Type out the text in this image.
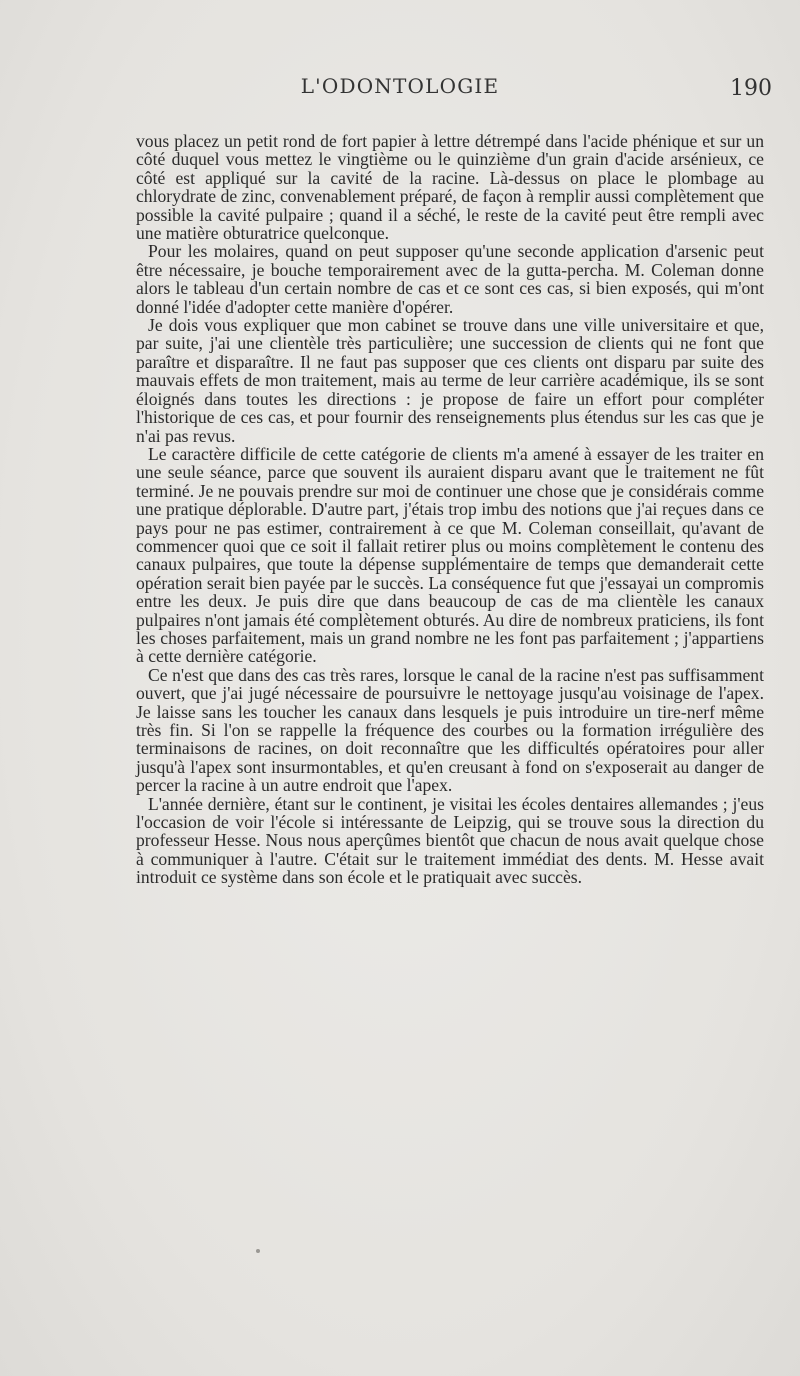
L'ODONTOLOGIE	190

vous placez un petit rond de fort papier à lettre détrempé dans l'acide phénique et sur un côté duquel vous mettez le vingtième ou le quinzième d'un grain d'acide arsénieux, ce côté est appliqué sur la cavité de la racine. Là-dessus on place le plombage au chlorydrate de zinc, convenablement préparé, de façon à remplir aussi complètement que possible la cavité pulpaire ; quand il a séché, le reste de la cavité peut être rempli avec une matière obturatrice quelconque.

Pour les molaires, quand on peut supposer qu'une seconde application d'arsenic peut être nécessaire, je bouche temporairement avec de la gutta-percha. M. Coleman donne alors le tableau d'un certain nombre de cas et ce sont ces cas, si bien exposés, qui m'ont donné l'idée d'adopter cette manière d'opérer.

Je dois vous expliquer que mon cabinet se trouve dans une ville universitaire et que, par suite, j'ai une clientèle très particulière; une succession de clients qui ne font que paraître et disparaître. Il ne faut pas supposer que ces clients ont disparu par suite des mauvais effets de mon traitement, mais au terme de leur carrière académique, ils se sont éloignés dans toutes les directions : je propose de faire un effort pour compléter l'historique de ces cas, et pour fournir des renseignements plus étendus sur les cas que je n'ai pas revus.

Le caractère difficile de cette catégorie de clients m'a amené à essayer de les traiter en une seule séance, parce que souvent ils auraient disparu avant que le traitement ne fût terminé. Je ne pouvais prendre sur moi de continuer une chose que je considérais comme une pratique déplorable. D'autre part, j'étais trop imbu des notions que j'ai reçues dans ce pays pour ne pas estimer, contrairement à ce que M. Coleman conseillait, qu'avant de commencer quoi que ce soit il fallait retirer plus ou moins complètement le contenu des canaux pulpaires, que toute la dépense supplémentaire de temps que demanderait cette opération serait bien payée par le succès. La conséquence fut que j'essayai un compromis entre les deux. Je puis dire que dans beaucoup de cas de ma clientèle les canaux pulpaires n'ont jamais été complètement obturés. Au dire de nombreux praticiens, ils font les choses parfaitement, mais un grand nombre ne les font pas parfaitement ; j'appartiens à cette dernière catégorie.

Ce n'est que dans des cas très rares, lorsque le canal de la racine n'est pas suffisamment ouvert, que j'ai jugé nécessaire de poursuivre le nettoyage jusqu'au voisinage de l'apex. Je laisse sans les toucher les canaux dans lesquels je puis introduire un tire-nerf même très fin. Si l'on se rappelle la fréquence des courbes ou la formation irrégulière des terminaisons de racines, on doit reconnaître que les difficultés opératoires pour aller jusqu'à l'apex sont insurmontables, et qu'en creusant à fond on s'exposerait au danger de percer la racine à un autre endroit que l'apex.

L'année dernière, étant sur le continent, je visitai les écoles dentaires allemandes ; j'eus l'occasion de voir l'école si intéressante de Leipzig, qui se trouve sous la direction du professeur Hesse. Nous nous aperçûmes bientôt que chacun de nous avait quelque chose à communiquer à l'autre. C'était sur le traitement immédiat des dents. M. Hesse avait introduit ce système dans son école et le pratiquait avec succès.
